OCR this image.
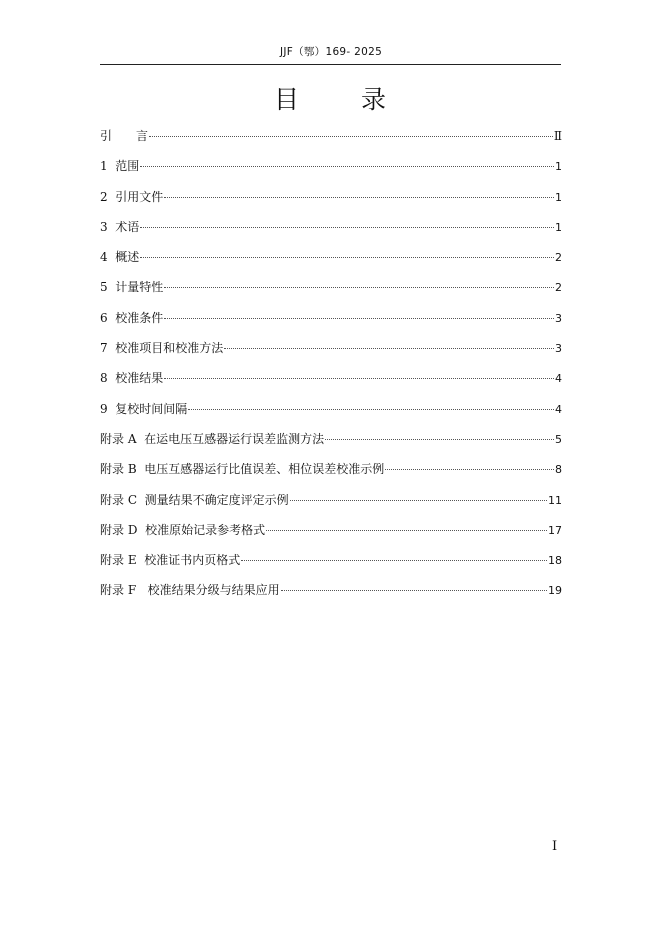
JJF（鄂）169- 2025
目 录
引　　言	Ⅱ
1  范围	1
2  引用文件	1
3  术语	1
4  概述	2
5  计量特性	2
6  校准条件	3
7  校准项目和校准方法	3
8  校准结果	4
9  复校时间间隔	4
附录 A  在运电压互感器运行误差监测方法	5
附录 B  电压互感器运行比值误差、相位误差校准示例	8
附录 C  测量结果不确定度评定示例	11
附录 D  校准原始记录参考格式	17
附录 E  校准证书内页格式	18
附录 F   校准结果分级与结果应用	19
I
